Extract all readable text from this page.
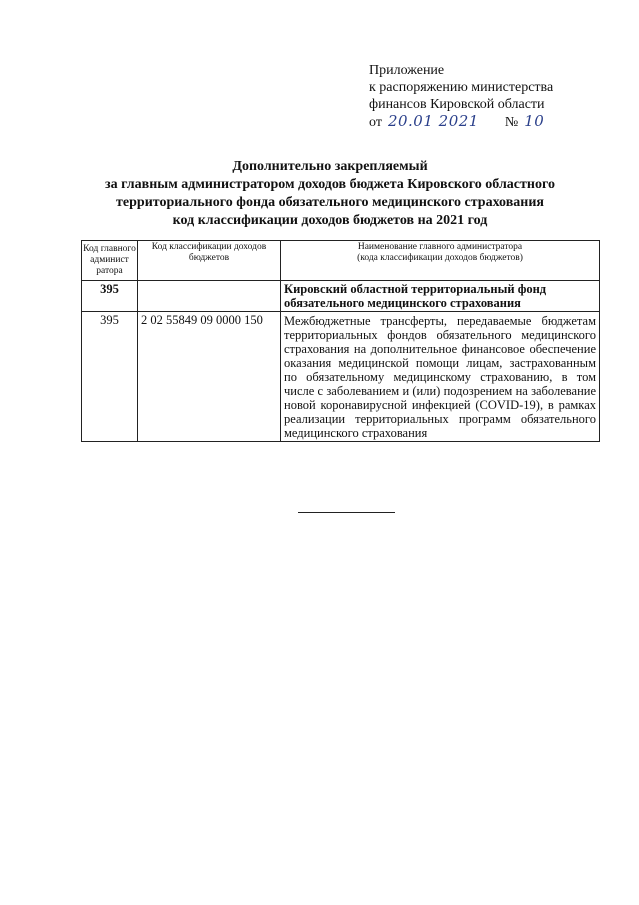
Приложение
к распоряжению министерства
финансов Кировской области
от 20.01 2021 № 10
Дополнительно закрепляемый
за главным администратором доходов бюджета Кировского областного
территориального фонда обязательного медицинского страхования
код классификации доходов бюджетов на 2021 год
Код главного админист ратора	Код классификации доходов бюджетов	Наименование главного администратора
(кода классификации доходов бюджетов)
395		Кировский областной территориальный фонд обязательного медицинского страхования
395	2 02 55849 09 0000 150	Межбюджетные трансферты, передаваемые бюджетам территориальных фондов обязательного медицинского страхования на дополнительное финансовое обеспечение оказания медицинской помощи лицам, застрахованным по обязательному медицинскому страхованию, в том числе с заболеванием и (или) подозрением на заболевание новой коронавирусной инфекцией (COVID-19), в рамках реализации территориальных программ обязательного медицинского страхования
